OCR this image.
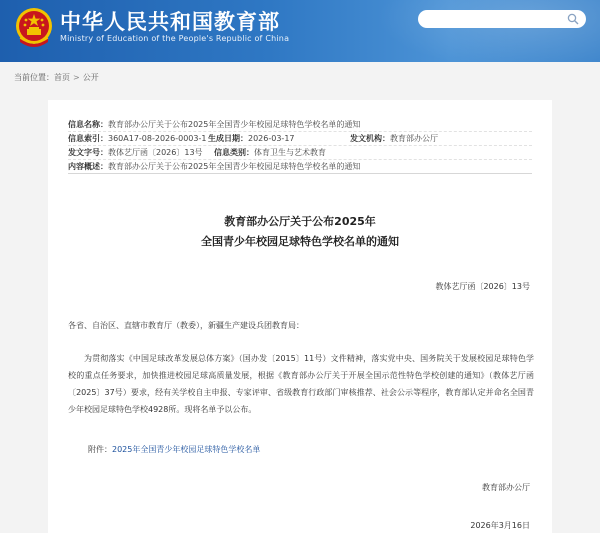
中华人民共和国教育部
Ministry of Education of the People's Republic of China
当前位置：首页 > 公开
信息名称：教育部办公厅关于公布2025年全国青少年校园足球特色学校名单的通知
信息索引：360A17-08-2026-0003-1 生成日期：2026-03-17	发文机构：教育部办公厅
发文字号：教体艺厅函〔2026〕13号 信息类别：体育卫生与艺术教育
内容概述：教育部办公厅关于公布2025年全国青少年校园足球特色学校名单的通知
教育部办公厅关于公布2025年
全国青少年校园足球特色学校名单的通知
教体艺厅函〔2026〕13号
各省、自治区、直辖市教育厅（教委），新疆生产建设兵团教育局：
为贯彻落实《中国足球改革发展总体方案》（国办发〔2015〕11号）文件精神，落实党中央、国务院关于发展校园足球特色学校的重点任务要求，加快推进校园足球高质量发展，根据《教育部办公厅关于开展全国示范性特色学校创建的通知》（教体艺厅函〔2025〕37号）要求，经有关学校自主申报、专家评审、省级教育行政部门审核推荐、社会公示等程序，教育部认定并命名全国青少年校园足球特色学校4928所。现将名单予以公布。
附件：2025年全国青少年校园足球特色学校名单
教育部办公厅
2026年3月16日
